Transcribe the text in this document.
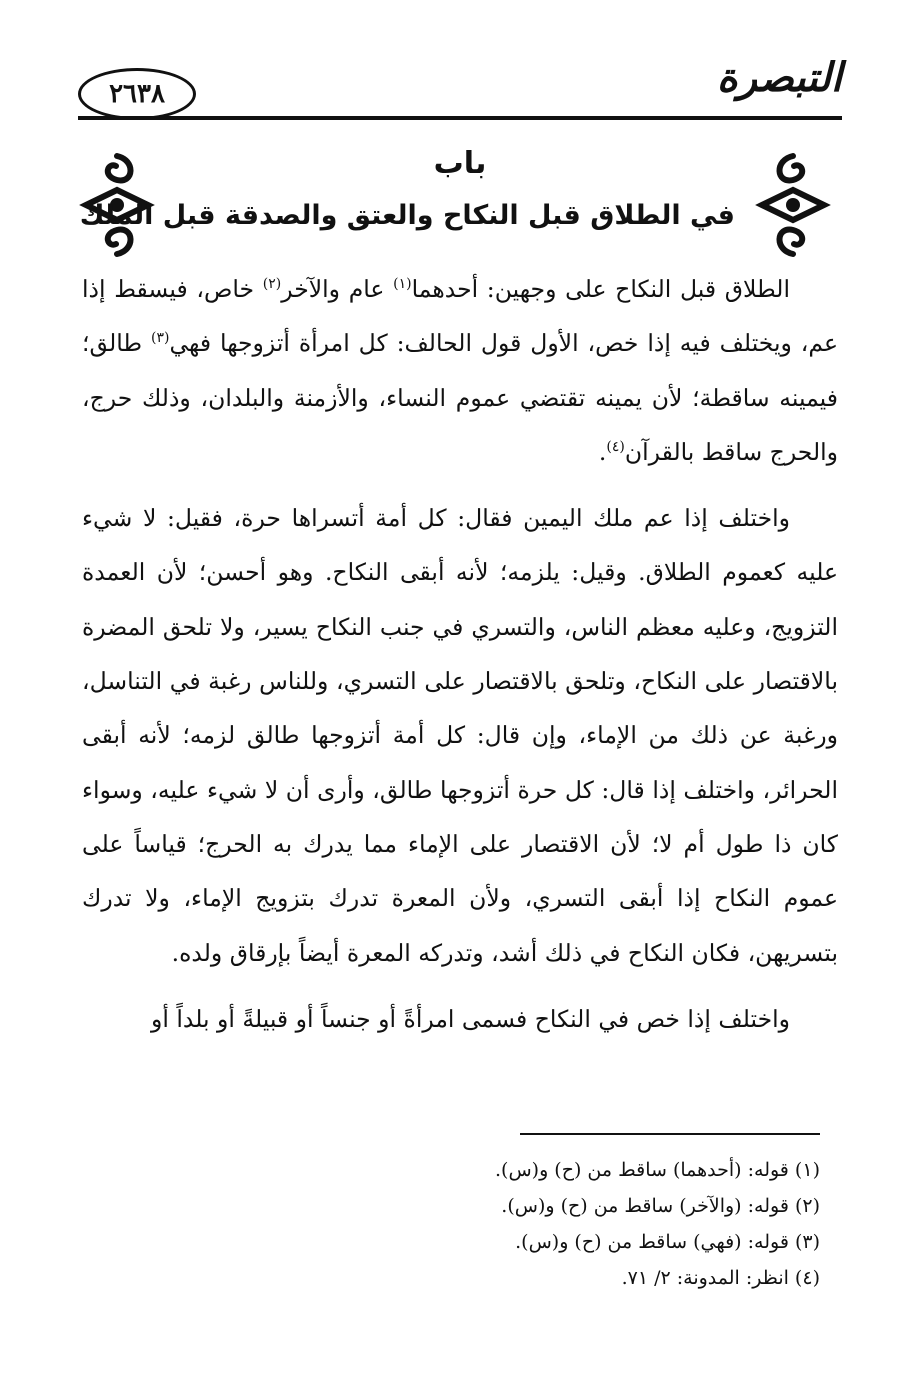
التبصرة
٢٦٣٨
باب
في الطلاق قبل النكاح والعتق والصدقة قبل الملك

الطلاق قبل النكاح على وجهين: أحدهما$^{(١)}$ عام والآخر$^{(٢)}$ خاص، فيسقط إذا عم، ويختلف فيه إذا خص، الأول قول الحالف: كل امرأة أتزوجها فهي$^{(٣)}$ طالق؛ فيمينه ساقطة؛ لأن يمينه تقتضي عموم النساء، والأزمنة والبلدان، وذلك حرج، والحرج ساقط بالقرآن$^{(٤)}$.

واختلف إذا عم ملك اليمين فقال: كل أمة أتسراها حرة، فقيل: لا شيء عليه كعموم الطلاق. وقيل: يلزمه؛ لأنه أبقى النكاح. وهو أحسن؛ لأن العمدة التزويج، وعليه معظم الناس، والتسري في جنب النكاح يسير، ولا تلحق المضرة بالاقتصار على النكاح، وتلحق بالاقتصار على التسري، وللناس رغبة في التناسل، ورغبة عن ذلك من الإماء، وإن قال: كل أمة أتزوجها طالق لزمه؛ لأنه أبقى الحرائر، واختلف إذا قال: كل حرة أتزوجها طالق، وأرى أن لا شيء عليه، وسواء كان ذا طول أم لا؛ لأن الاقتصار على الإماء مما يدرك به الحرج؛ قياساً على عموم النكاح إذا أبقى التسري، ولأن المعرة تدرك بتزويج الإماء، ولا تدرك بتسريهن، فكان النكاح في ذلك أشد، وتدركه المعرة أيضاً بإرقاق ولده.

واختلف إذا خص في النكاح فسمى امرأةً أو جنساً أو قبيلةً أو بلداً أو

(١) قوله: (أحدهما) ساقط من (ح) و(س).
(٢) قوله: (والآخر) ساقط من (ح) و(س).
(٣) قوله: (فهي) ساقط من (ح) و(س).
(٤) انظر: المدونة: ٢/ ٧١.
